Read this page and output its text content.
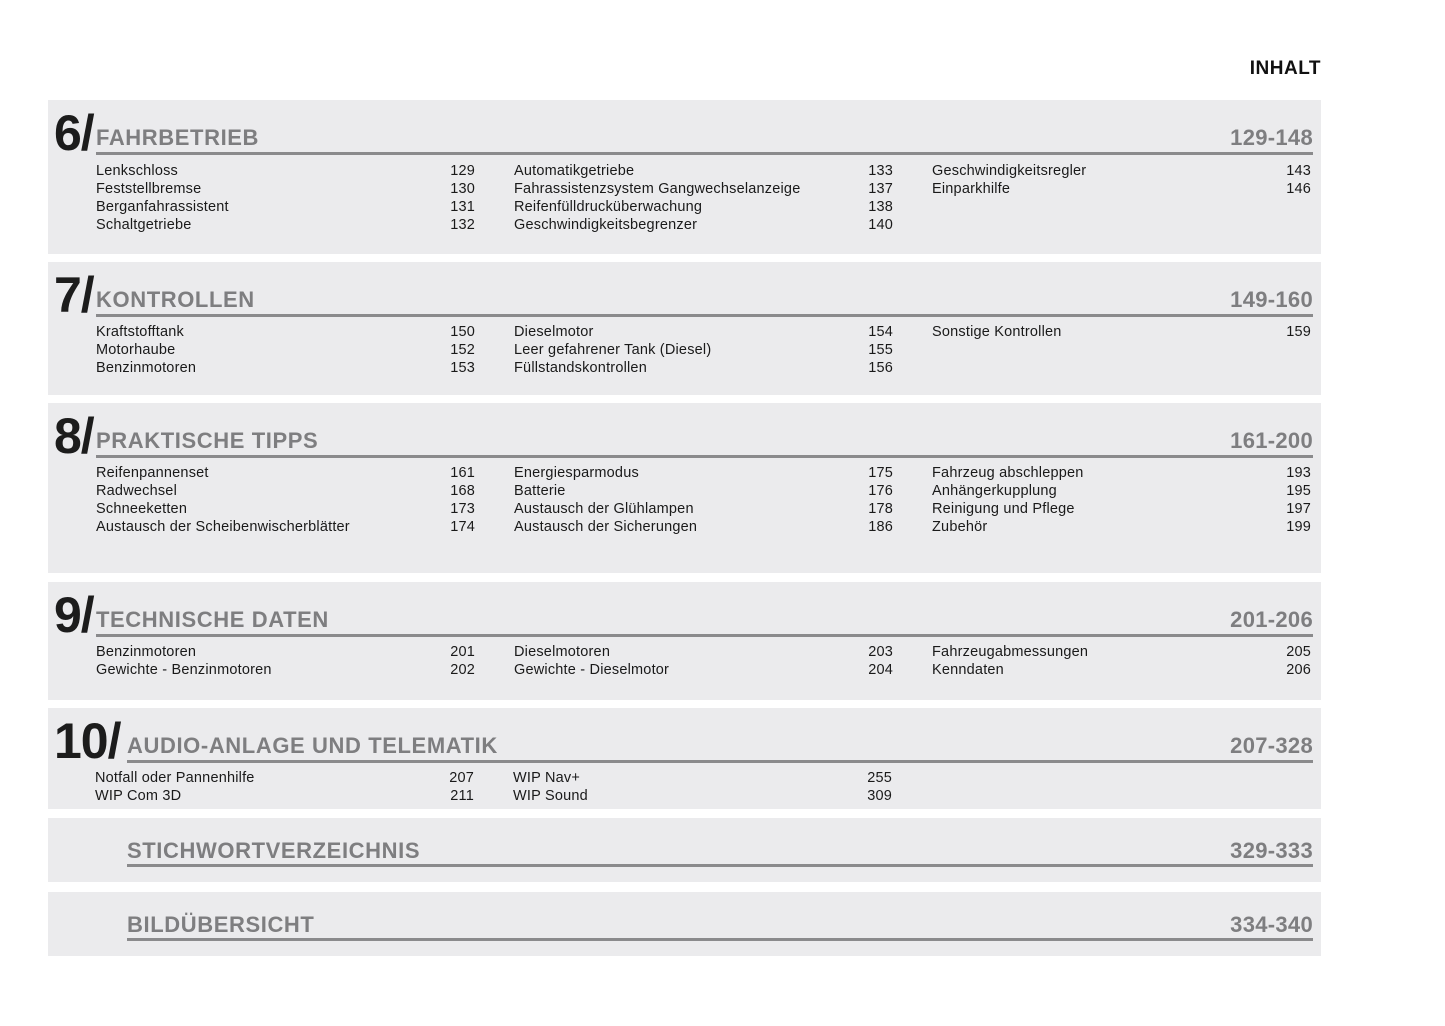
INHALT
6/ FAHRBETRIEB	129-148
Lenkschloss	129
Feststellbremse	130
Berganfahrassistent	131
Schaltgetriebe	132
Automatikgetriebe	133
Fahrassistenzsystem Gangwechselanzeige	137
Reifenfülldrucküberwachung	138
Geschwindigkeitsbegrenzer	140
Geschwindigkeitsregler	143
Einparkhilfe	146
7/ KONTROLLEN	149-160
Kraftstofftank	150
Motorhaube	152
Benzinmotoren	153
Dieselmotor	154
Leer gefahrener Tank (Diesel)	155
Füllstandskontrollen	156
Sonstige Kontrollen	159
8/ PRAKTISCHE TIPPS	161-200
Reifenpannenset	161
Radwechsel	168
Schneeketten	173
Austausch der Scheibenwischerblätter	174
Energiesparmodus	175
Batterie	176
Austausch der Glühlampen	178
Austausch der Sicherungen	186
Fahrzeug abschleppen	193
Anhängerkupplung	195
Reinigung und Pflege	197
Zubehör	199
9/ TECHNISCHE DATEN	201-206
Benzinmotoren	201
Gewichte - Benzinmotoren	202
Dieselmotoren	203
Gewichte - Dieselmotor	204
Fahrzeugabmessungen	205
Kenndaten	206
10/ AUDIO-ANLAGE UND TELEMATIK	207-328
Notfall oder Pannenhilfe	207
WIP Com 3D	211
WIP Nav+	255
WIP Sound	309
STICHWORTVERZEICHNIS	329-333
BILDÜBERSICHT	334-340
